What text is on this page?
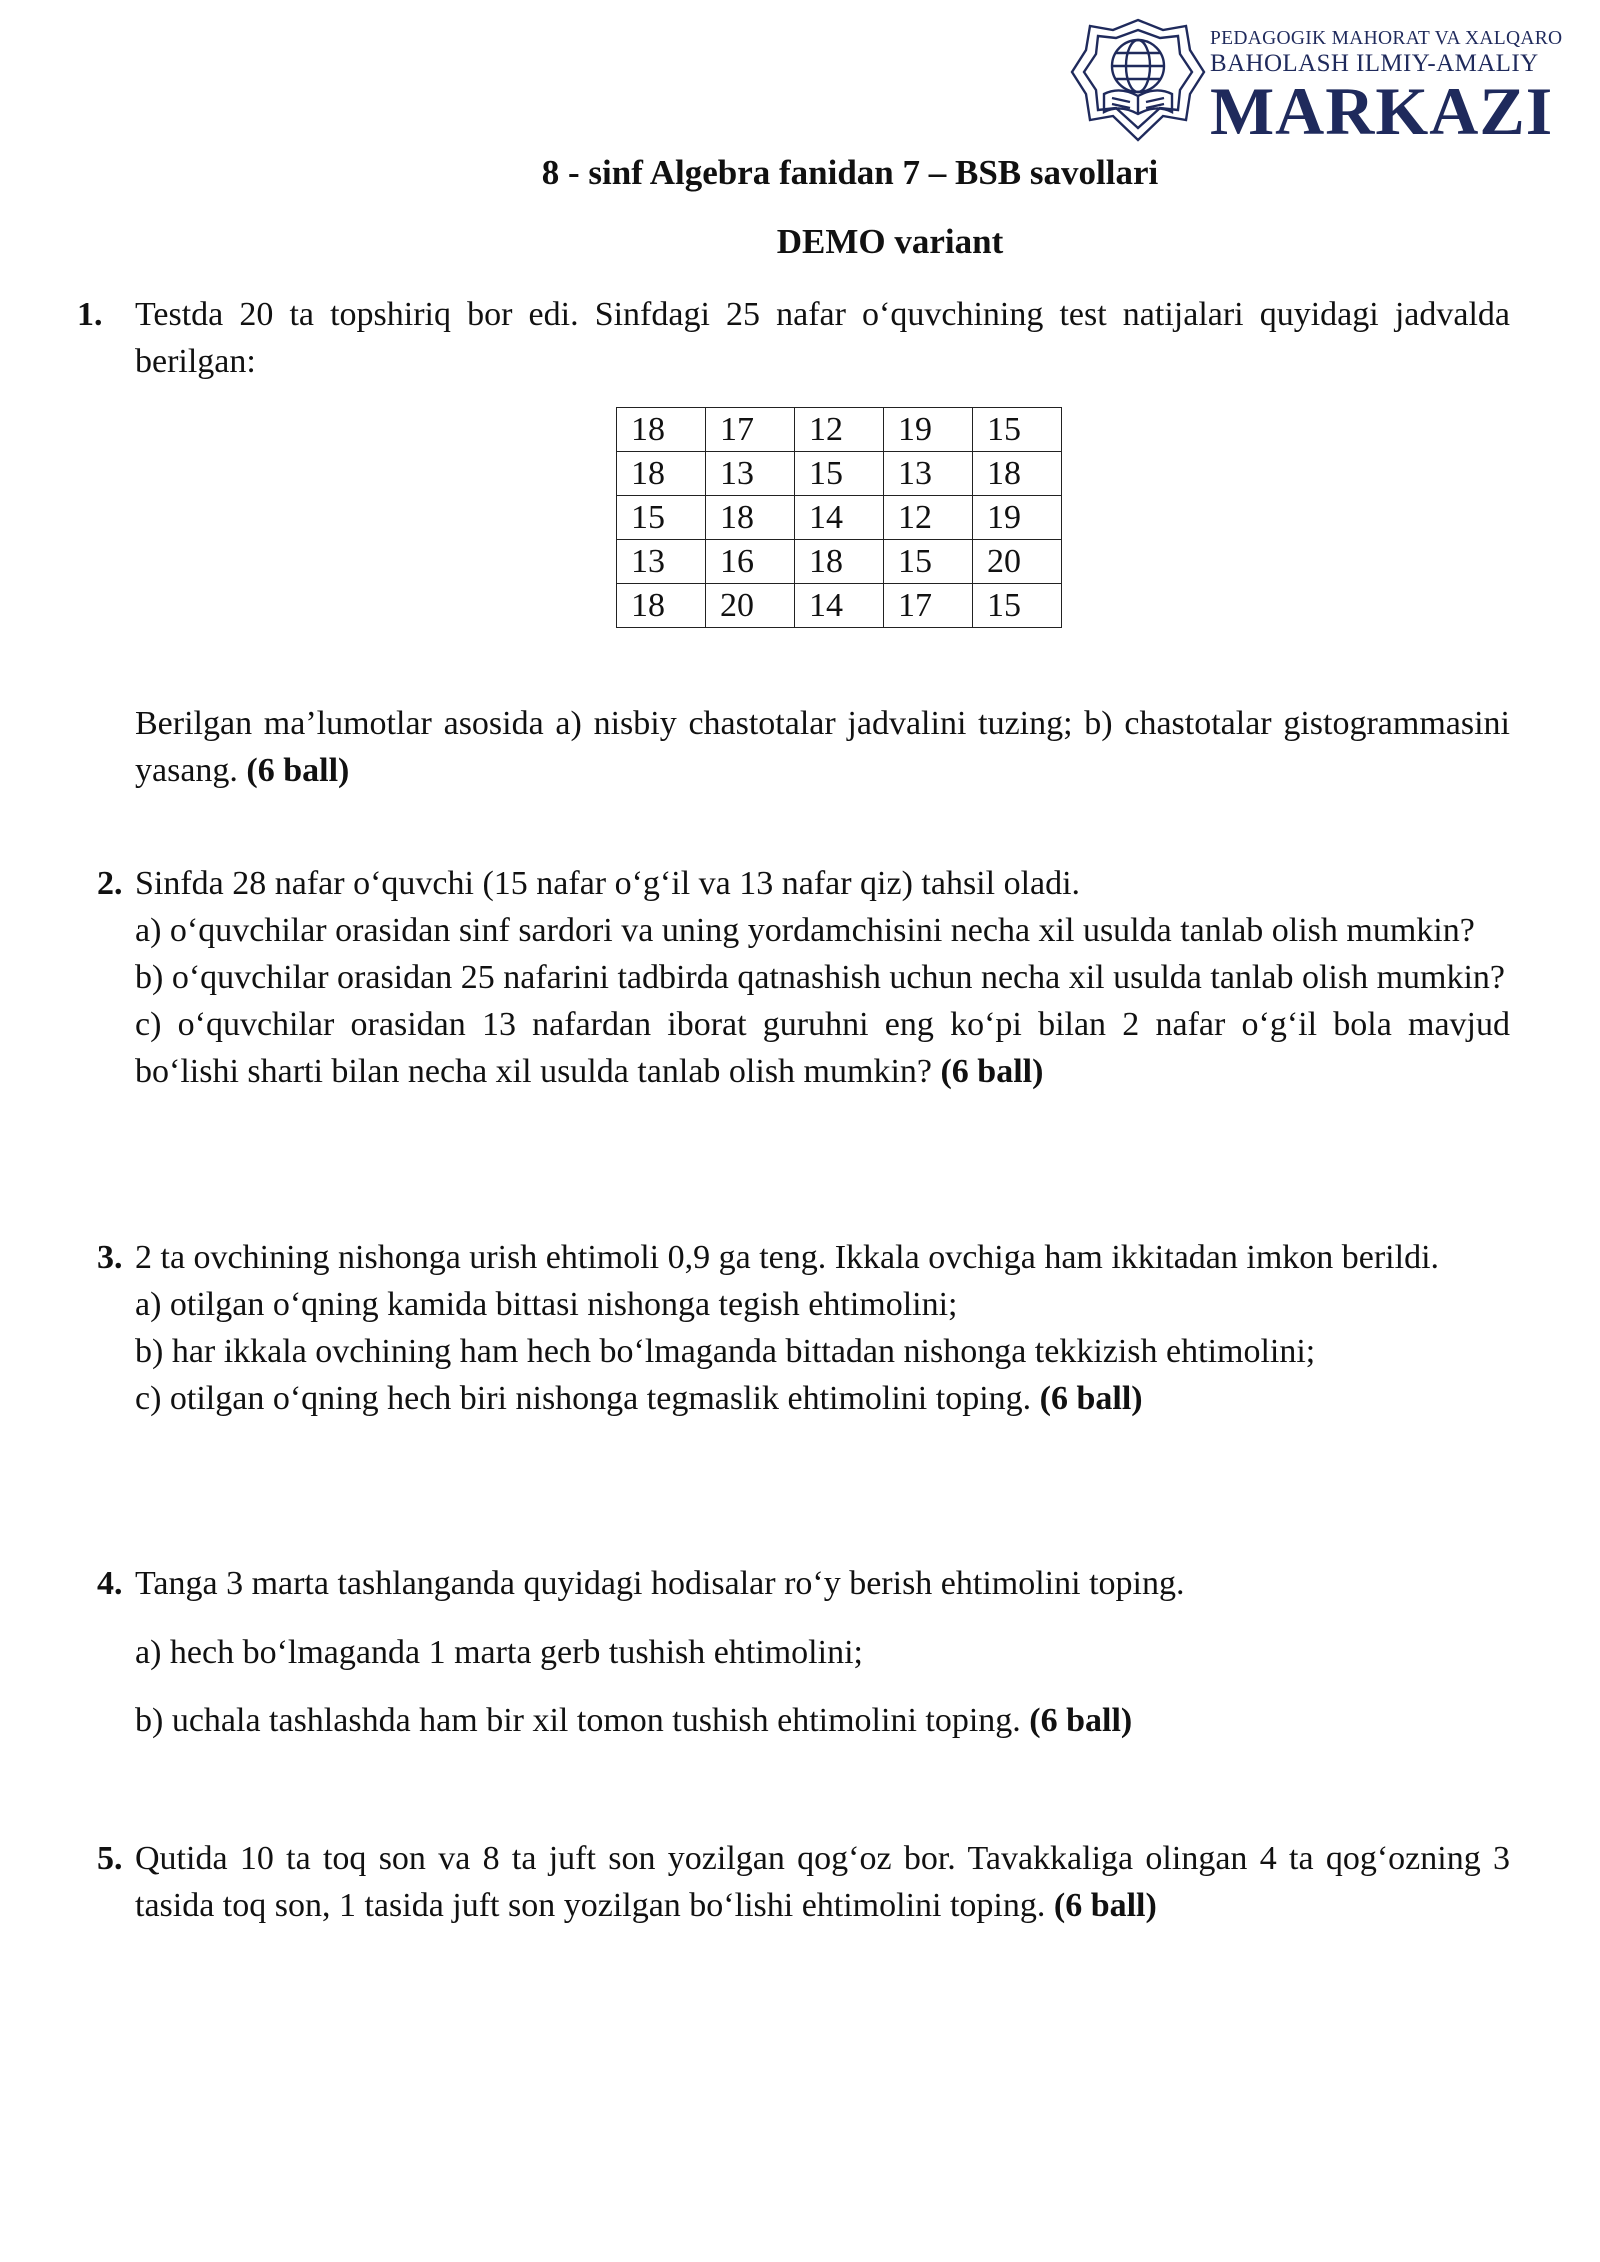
PEDAGOGIK MAHORAT VA XALQARO
BAHOLASH ILMIY-AMALIY
MARKAZI
8 - sinf Algebra fanidan 7 – BSB savollari
DEMO variant
1. Testda 20 ta topshiriq bor edi. Sinfdagi 25 nafar o‘quvchining test natijalari quyidagi jadvalda berilgan:
18	17	12	19	15
18	13	15	13	18
15	18	14	12	19
13	16	18	15	20
18	20	14	17	15
Berilgan ma’lumotlar asosida a) nisbiy chastotalar jadvalini tuzing; b) chastotalar gistogrammasini yasang. (6 ball)
2. Sinfda 28 nafar o‘quvchi (15 nafar o‘g‘il va 13 nafar qiz) tahsil oladi.
a) o‘quvchilar orasidan sinf sardori va uning yordamchisini necha xil usulda tanlab olish mumkin?
b) o‘quvchilar orasidan 25 nafarini tadbirda qatnashish uchun necha xil usulda tanlab olish mumkin?
c) o‘quvchilar orasidan 13 nafardan iborat guruhni eng ko‘pi bilan 2 nafar o‘g‘il bola mavjud bo‘lishi sharti bilan necha xil usulda tanlab olish mumkin? (6 ball)
3. 2 ta ovchining nishonga urish ehtimoli 0,9 ga teng. Ikkala ovchiga ham ikkitadan imkon berildi.
a) otilgan o‘qning kamida bittasi nishonga tegish ehtimolini;
b) har ikkala ovchining ham hech bo‘lmaganda bittadan nishonga tekkizish ehtimolini;
c) otilgan o‘qning hech biri nishonga tegmaslik ehtimolini toping. (6 ball)
4. Tanga 3 marta tashlanganda quyidagi hodisalar ro‘y berish ehtimolini toping.
a) hech bo‘lmaganda 1 marta gerb tushish ehtimolini;
b) uchala tashlashda ham bir xil tomon tushish ehtimolini toping. (6 ball)
5. Qutida 10 ta toq son va 8 ta juft son yozilgan qog‘oz bor. Tavakkaliga olingan 4 ta qog‘ozning 3 tasida toq son, 1 tasida juft son yozilgan bo‘lishi ehtimolini toping. (6 ball)
